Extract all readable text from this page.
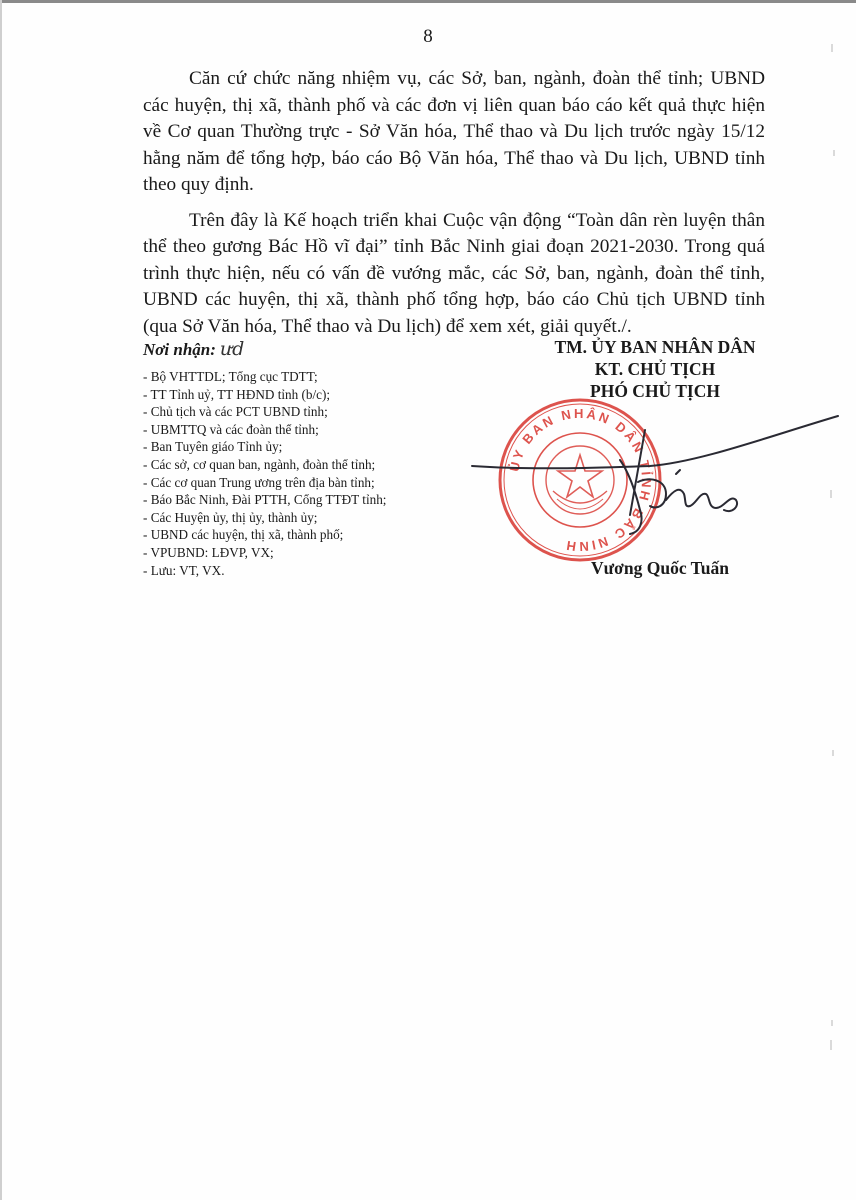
8

Căn cứ chức năng nhiệm vụ, các Sở, ban, ngành, đoàn thể tỉnh; UBND các huyện, thị xã, thành phố và các đơn vị liên quan báo cáo kết quả thực hiện về Cơ quan Thường trực - Sở Văn hóa, Thể thao và Du lịch trước ngày 15/12 hằng năm để tổng hợp, báo cáo Bộ Văn hóa, Thể thao và Du lịch, UBND tỉnh theo quy định.

Trên đây là Kế hoạch triển khai Cuộc vận động “Toàn dân rèn luyện thân thể theo gương Bác Hồ vĩ đại” tỉnh Bắc Ninh giai đoạn 2021-2030. Trong quá trình thực hiện, nếu có vấn đề vướng mắc, các Sở, ban, ngành, đoàn thể tỉnh, UBND các huyện, thị xã, thành phố tổng hợp, báo cáo Chủ tịch UBND tỉnh (qua Sở Văn hóa, Thể thao và Du lịch) để xem xét, giải quyết./.

Nơi nhận: ưd
- Bộ VHTTDL; Tổng cục TDTT;
- TT Tỉnh uỷ, TT HĐND tỉnh (b/c);
- Chủ tịch và các PCT UBND tỉnh;
- UBMTTQ và các đoàn thể tỉnh;
- Ban Tuyên giáo Tỉnh ủy;
- Các sở, cơ quan ban, ngành, đoàn thể tỉnh;
- Các cơ quan Trung ương trên địa bàn tỉnh;
- Báo Bắc Ninh, Đài PTTH, Cổng TTĐT tỉnh;
- Các Huyện ủy, thị ủy, thành ủy;
- UBND các huyện, thị xã, thành phố;
- VPUBND: LĐVP, VX;
- Lưu: VT, VX.
ỦY BAN NHÂN DÂN TỈNH BẮC NINH
TM. ỦY BAN NHÂN DÂN
KT. CHỦ TỊCH
PHÓ CHỦ TỊCH
Vương Quốc Tuấn
